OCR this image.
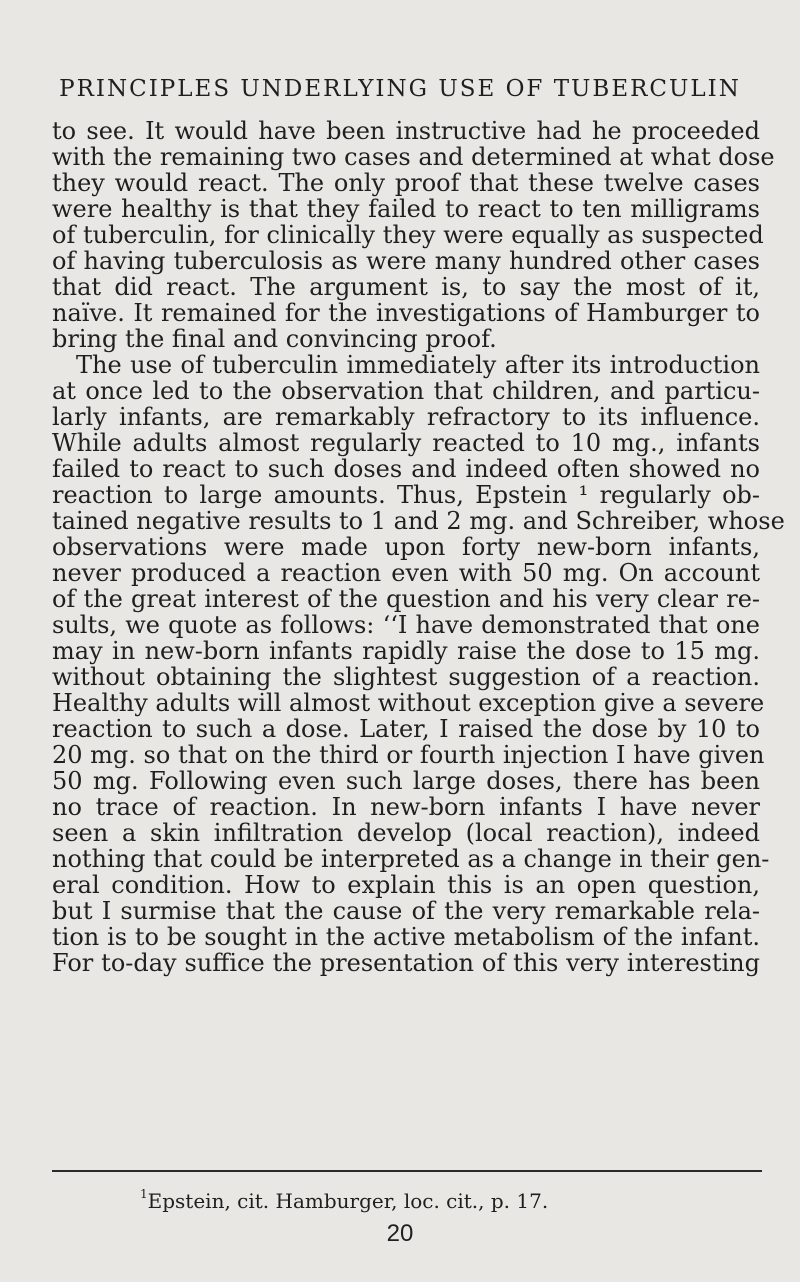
PRINCIPLES UNDERLYING USE OF TUBERCULIN
to see. It would have been instructive had he proceeded
with the remaining two cases and determined at what dose
they would react. The only proof that these twelve cases
were healthy is that they failed to react to ten milligrams
of tuberculin, for clinically they were equally as suspected
of having tuberculosis as were many hundred other cases
that did react. The argument is, to say the most of it,
naïve. It remained for the investigations of Hamburger to
bring the final and convincing proof.
The use of tuberculin immediately after its introduction
at once led to the observation that children, and particu-
larly infants, are remarkably refractory to its influence.
While adults almost regularly reacted to 10 mg., infants
failed to react to such doses and indeed often showed no
reaction to large amounts. Thus, Epstein ¹ regularly ob-
tained negative results to 1 and 2 mg. and Schreiber, whose
observations were made upon forty new-born infants,
never produced a reaction even with 50 mg. On account
of the great interest of the question and his very clear re-
sults, we quote as follows: ‘‘I have demonstrated that one
may in new-born infants rapidly raise the dose to 15 mg.
without obtaining the slightest suggestion of a reaction.
Healthy adults will almost without exception give a severe
reaction to such a dose. Later, I raised the dose by 10 to
20 mg. so that on the third or fourth injection I have given
50 mg. Following even such large doses, there has been
no trace of reaction. In new-born infants I have never
seen a skin infiltration develop (local reaction), indeed
nothing that could be interpreted as a change in their gen-
eral condition. How to explain this is an open question,
but I surmise that the cause of the very remarkable rela-
tion is to be sought in the active metabolism of the infant.
For to-day suffice the presentation of this very interesting
$^1$Epstein, cit. Hamburger, loc. cit., p. 17.
20
